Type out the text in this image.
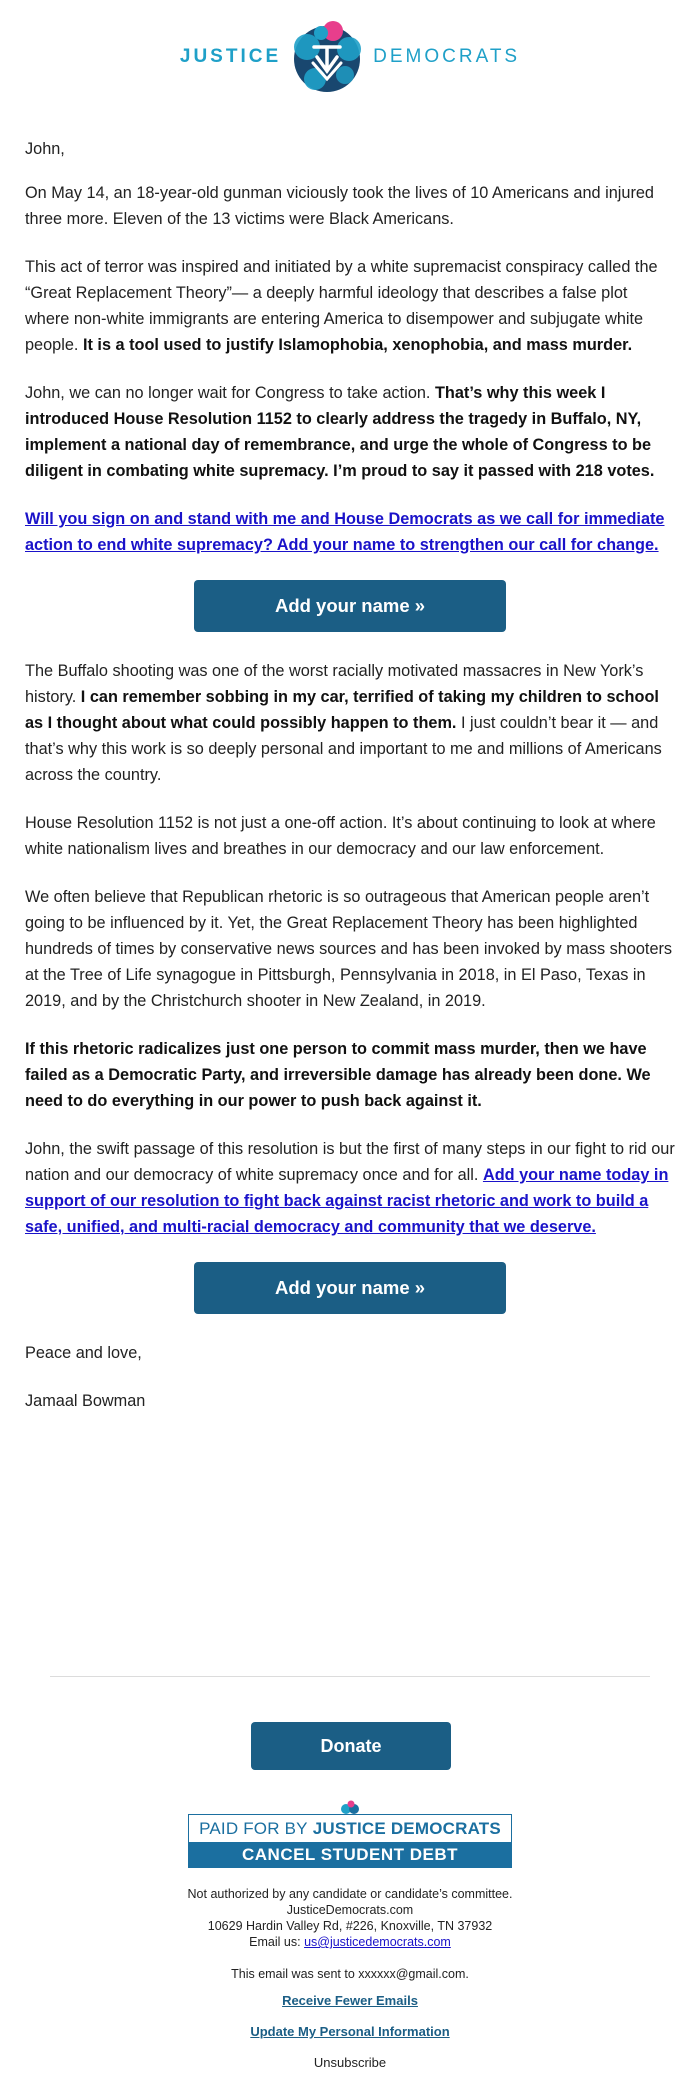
JUSTICE	DEMOCRATS

John,

On May 14, an 18-year-old gunman viciously took the lives of 10 Americans and injured three more. Eleven of the 13 victims were Black Americans.

This act of terror was inspired and initiated by a white supremacist conspiracy called the “Great Replacement Theory”— a deeply harmful ideology that describes a false plot where non-white immigrants are entering America to disempower and subjugate white people. It is a tool used to justify Islamophobia, xenophobia, and mass murder.

John, we can no longer wait for Congress to take action. That’s why this week I introduced House Resolution 1152 to clearly address the tragedy in Buffalo, NY, implement a national day of remembrance, and urge the whole of Congress to be diligent in combating white supremacy. I’m proud to say it passed with 218 votes.

Will you sign on and stand with me and House Democrats as we call for immediate action to end white supremacy? Add your name to strengthen our call for change.

Add your name »

The Buffalo shooting was one of the worst racially motivated massacres in New York’s history. I can remember sobbing in my car, terrified of taking my children to school as I thought about what could possibly happen to them. I just couldn’t bear it — and that’s why this work is so deeply personal and important to me and millions of Americans across the country.

House Resolution 1152 is not just a one-off action. It’s about continuing to look at where white nationalism lives and breathes in our democracy and our law enforcement.

We often believe that Republican rhetoric is so outrageous that American people aren’t going to be influenced by it. Yet, the Great Replacement Theory has been highlighted hundreds of times by conservative news sources and has been invoked by mass shooters at the Tree of Life synagogue in Pittsburgh, Pennsylvania in 2018, in El Paso, Texas in 2019, and by the Christchurch shooter in New Zealand, in 2019.

If this rhetoric radicalizes just one person to commit mass murder, then we have failed as a Democratic Party, and irreversible damage has already been done. We need to do everything in our power to push back against it.

John, the swift passage of this resolution is but the first of many steps in our fight to rid our nation and our democracy of white supremacy once and for all. Add your name today in support of our resolution to fight back against racist rhetoric and work to build a safe, unified, and multi-racial democracy and community that we deserve.

Add your name »

Peace and love,

Jamaal Bowman

Donate
PAID FOR BY JUSTICE DEMOCRATS
CANCEL STUDENT DEBT
Not authorized by any candidate or candidate’s committee.
JusticeDemocrats.com
10629 Hardin Valley Rd, #226, Knoxville, TN 37932
Email us: us@justicedemocrats.com
This email was sent to xxxxxx@gmail.com.
Receive Fewer Emails
Update My Personal Information
Unsubscribe
